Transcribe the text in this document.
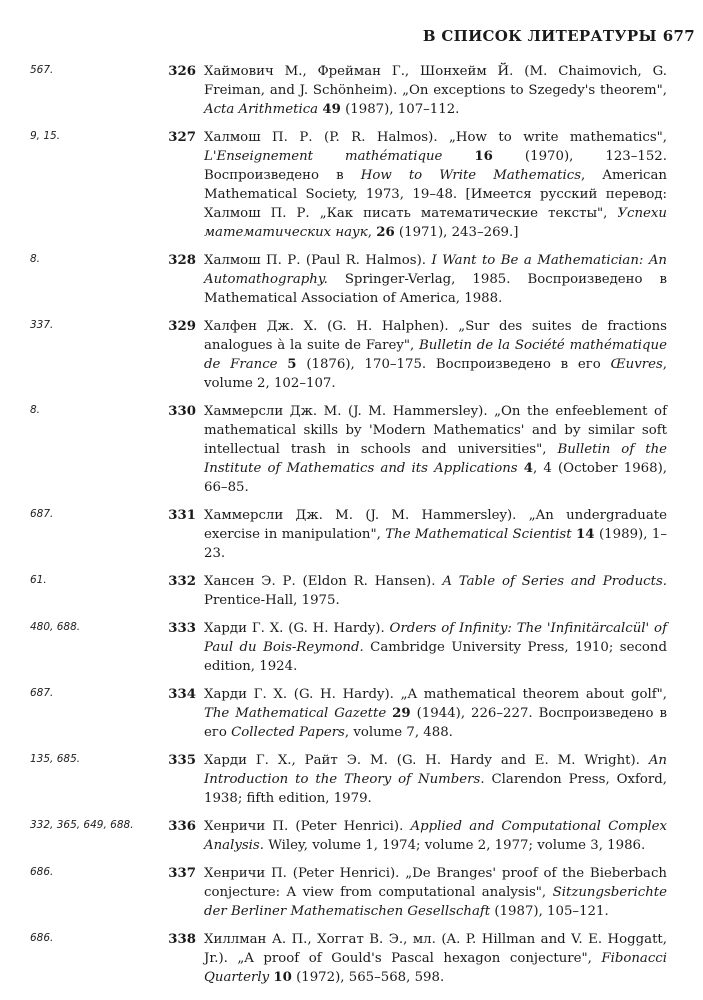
В СПИСОК ЛИТЕРАТУРЫ 677
567.	326 Хаймович М., Фрейман Г., Шонхейм Й. (M. Chaimovich, G. Freiman, and J. Schönheim). „On exceptions to Szegedy's theorem", Acta Arithmetica 49 (1987), 107–112.
9, 15.	327 Халмош П. Р. (P. R. Halmos). „How to write mathematics", L'Enseignement mathématique 16 (1970), 123–152. Воспроизведено в How to Write Mathematics, American Mathematical Society, 1973, 19–48. [Имеется русский перевод: Халмош П. Р. „Как писать математические тексты", Успехи математических наук, 26 (1971), 243–269.]
8.	328 Халмош П. Р. (Paul R. Halmos). I Want to Be a Mathematician: An Automathography. Springer-Verlag, 1985. Воспроизведено в Mathematical Association of America, 1988.
337.	329 Халфен Дж. Х. (G. H. Halphen). „Sur des suites de fractions analogues à la suite de Farey", Bulletin de la Société mathématique de France 5 (1876), 170–175. Воспроизведено в его Œuvres, volume 2, 102–107.
8.	330 Хаммерсли Дж. М. (J. M. Hammersley). „On the enfeeblement of mathematical skills by 'Modern Mathematics' and by similar soft intellectual trash in schools and universities", Bulletin of the Institute of Mathematics and its Applications 4, 4 (October 1968), 66–85.
687.	331 Хаммерсли Дж. М. (J. M. Hammersley). „An undergraduate exercise in manipulation", The Mathematical Scientist 14 (1989), 1–23.
61.	332 Хансен Э. Р. (Eldon R. Hansen). A Table of Series and Products. Prentice-Hall, 1975.
480, 688.	333 Харди Г. Х. (G. H. Hardy). Orders of Infinity: The 'Infinitärcalcül' of Paul du Bois-Reymond. Cambridge University Press, 1910; second edition, 1924.
687.	334 Харди Г. Х. (G. H. Hardy). „A mathematical theorem about golf", The Mathematical Gazette 29 (1944), 226–227. Воспроизведено в его Collected Papers, volume 7, 488.
135, 685.	335 Харди Г. Х., Райт Э. М. (G. H. Hardy and E. M. Wright). An Introduction to the Theory of Numbers. Clarendon Press, Oxford, 1938; fifth edition, 1979.
332, 365, 649, 688.	336 Хенричи П. (Peter Henrici). Applied and Computational Complex Analysis. Wiley, volume 1, 1974; volume 2, 1977; volume 3, 1986.
686.	337 Хенричи П. (Peter Henrici). „De Branges' proof of the Bieberbach conjecture: A view from computational analysis", Sitzungsberichte der Berliner Mathematischen Gesellschaft (1987), 105–121.
686.	338 Хиллман А. П., Хоггат В. Э., мл. (A. P. Hillman and V. E. Hoggatt, Jr.). „A proof of Gould's Pascal hexagon conjecture", Fibonacci Quarterly 10 (1972), 565–568, 598.
